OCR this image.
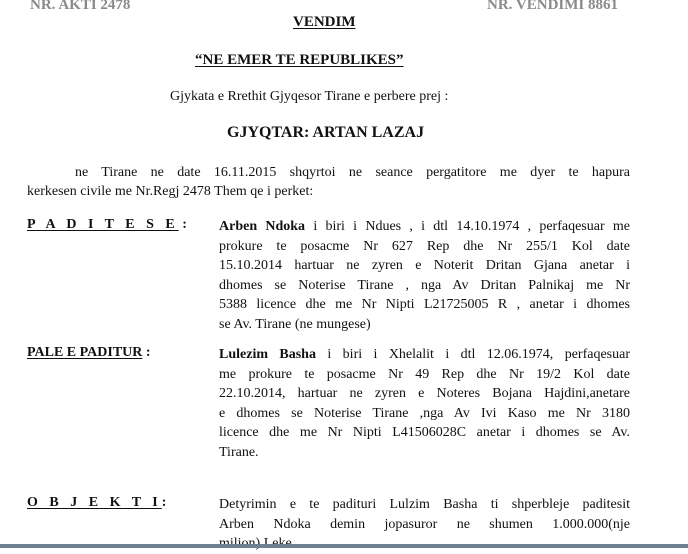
NR. AKTI 2478	NR. VENDIMI 8861
VENDIM
“NE EMER TE REPUBLIKES”
Gjykata e Rrethit Gjyqesor Tirane e perbere prej :
GJYQTAR: ARTAN LAZAJ
ne Tirane ne date 16.11.2015 shqyrtoi ne seance pergatitore me dyer te hapura
kerkesen civile me Nr.Regj 2478 Them qe i perket:
P A D I T E S E : Arben Ndoka i biri i Ndues , i dtl 14.10.1974 , perfaqesuar me
prokure te posacme Nr 627 Rep dhe Nr 255/1 Kol date
15.10.2014 hartuar ne zyren e Noterit Dritan Gjana anetar i
dhomes se Noterise Tirane , nga Av Dritan Palnikaj me Nr
5388 licence dhe me Nr Nipti L21725005 R , anetar i dhomes
se Av. Tirane (ne mungese)
PALE E PADITUR :	Lulezim Basha i biri i Xhelalit i dtl 12.06.1974, perfaqesuar
me prokure te posacme Nr 49 Rep dhe Nr 19/2 Kol date
22.10.2014, hartuar ne zyren e Noteres Bojana Hajdini,anetare
e dhomes se Noterise Tirane ,nga Av Ivi Kaso me Nr 3180
licence dhe me Nr Nipti L41506028C anetar i dhomes se Av.
Tirane.
O B J E K T I:	Detyrimin e te padituri Lulzim Basha ti shperbleje paditesit
Arben Ndoka demin jopasuror ne shumen 1.000.000(nje
